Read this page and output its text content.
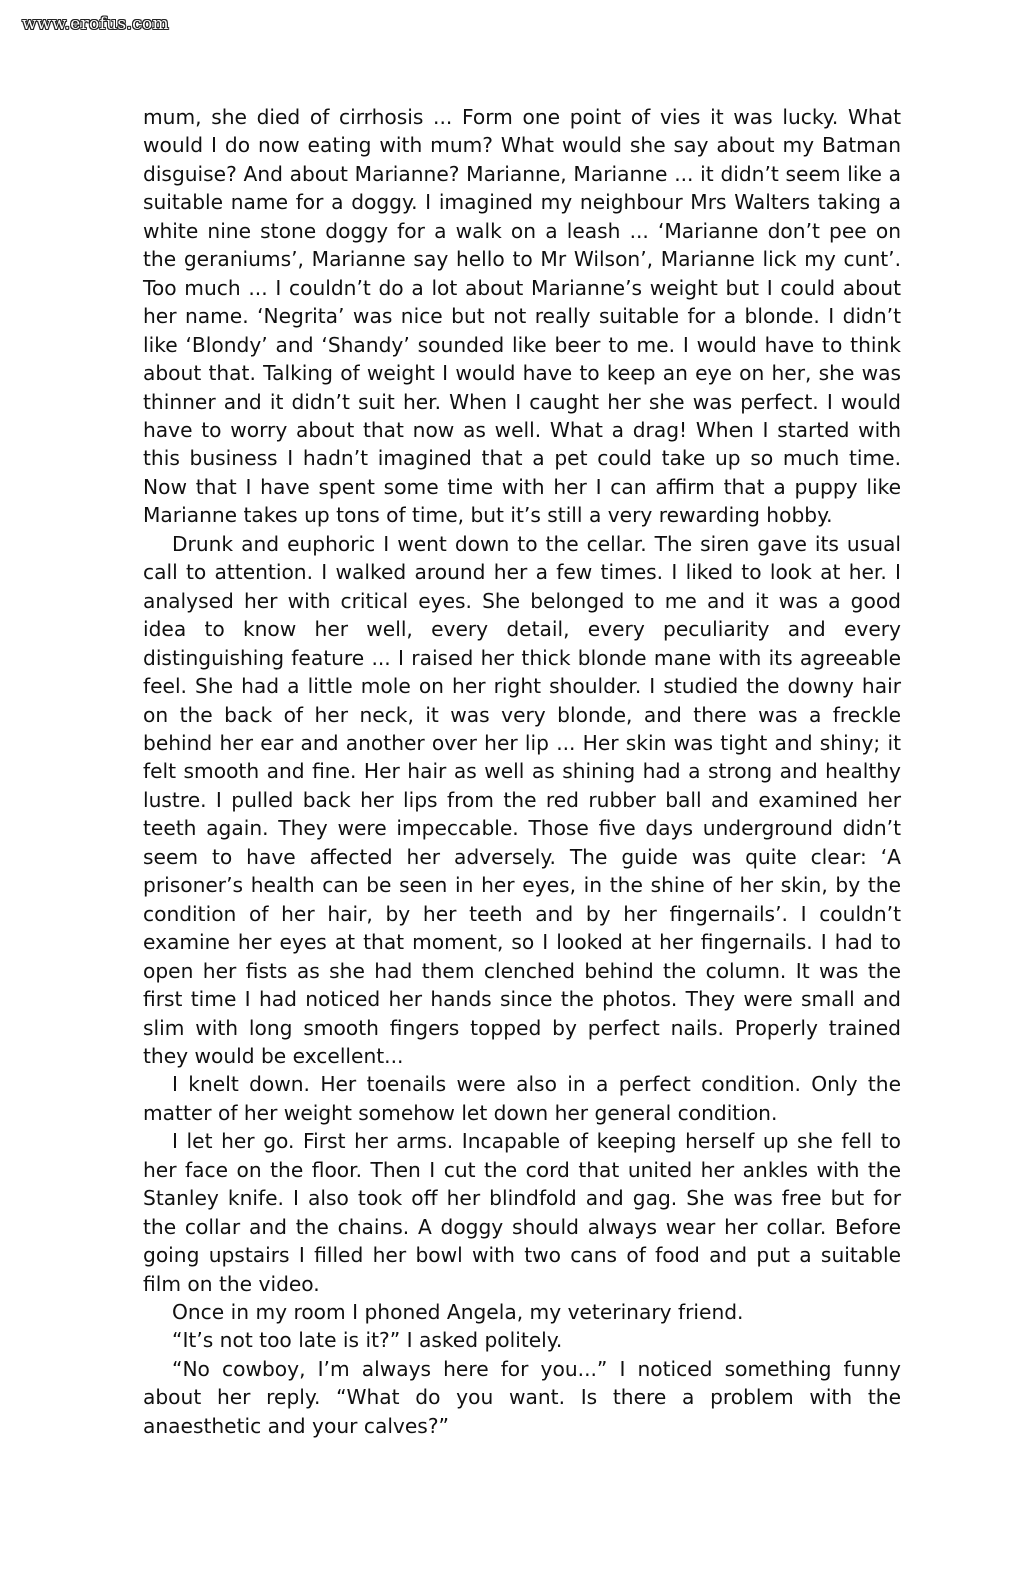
www.erofus.com

mum, she died of cirrhosis ... Form one point of vies it was lucky. What would I do now eating with mum? What would she say about my Batman disguise? And about Marianne? Marianne, Marianne ... it didn’t seem like a suitable name for a doggy. I imagined my neighbour Mrs Walters taking a white nine stone doggy for a walk on a leash ... ‘Marianne don’t pee on the geraniums’, Marianne say hello to Mr Wilson’, Marianne lick my cunt’. Too much ... I couldn’t do a lot about Marianne’s weight but I could about her name. ‘Negrita’ was nice but not really suitable for a blonde. I didn’t like ‘Blondy’ and ‘Shandy’ sounded like beer to me. I would have to think about that. Talking of weight I would have to keep an eye on her, she was thinner and it didn’t suit her. When I caught her she was perfect. I would have to worry about that now as well. What a drag! When I started with this business I hadn’t imagined that a pet could take up so much time. Now that I have spent some time with her I can affirm that a puppy like Marianne takes up tons of time, but it’s still a very rewarding hobby.

Drunk and euphoric I went down to the cellar. The siren gave its usual call to attention. I walked around her a few times. I liked to look at her. I analysed her with critical eyes. She belonged to me and it was a good idea to know her well, every detail, every peculiarity and every distinguishing feature ... I raised her thick blonde mane with its agreeable feel. She had a little mole on her right shoulder. I studied the downy hair on the back of her neck, it was very blonde, and there was a freckle behind her ear and another over her lip ... Her skin was tight and shiny; it felt smooth and fine. Her hair as well as shining had a strong and healthy lustre. I pulled back her lips from the red rubber ball and examined her teeth again. They were impeccable. Those five days underground didn’t seem to have affected her adversely. The guide was quite clear: ‘A prisoner’s health can be seen in her eyes, in the shine of her skin, by the condition of her hair, by her teeth and by her fingernails’. I couldn’t examine her eyes at that moment, so I looked at her fingernails. I had to open her fists as she had them clenched behind the column. It was the first time I had noticed her hands since the photos. They were small and slim with long smooth fingers topped by perfect nails. Properly trained they would be excellent...

I knelt down. Her toenails were also in a perfect condition. Only the matter of her weight somehow let down her general condition.

I let her go. First her arms. Incapable of keeping herself up she fell to her face on the floor. Then I cut the cord that united her ankles with the Stanley knife. I also took off her blindfold and gag. She was free but for the collar and the chains. A doggy should always wear her collar. Before going upstairs I filled her bowl with two cans of food and put a suitable film on the video.

Once in my room I phoned Angela, my veterinary friend.

“It’s not too late is it?” I asked politely.

“No cowboy, I’m always here for you...” I noticed something funny about her reply. “What do you want. Is there a problem with the anaesthetic and your calves?”
